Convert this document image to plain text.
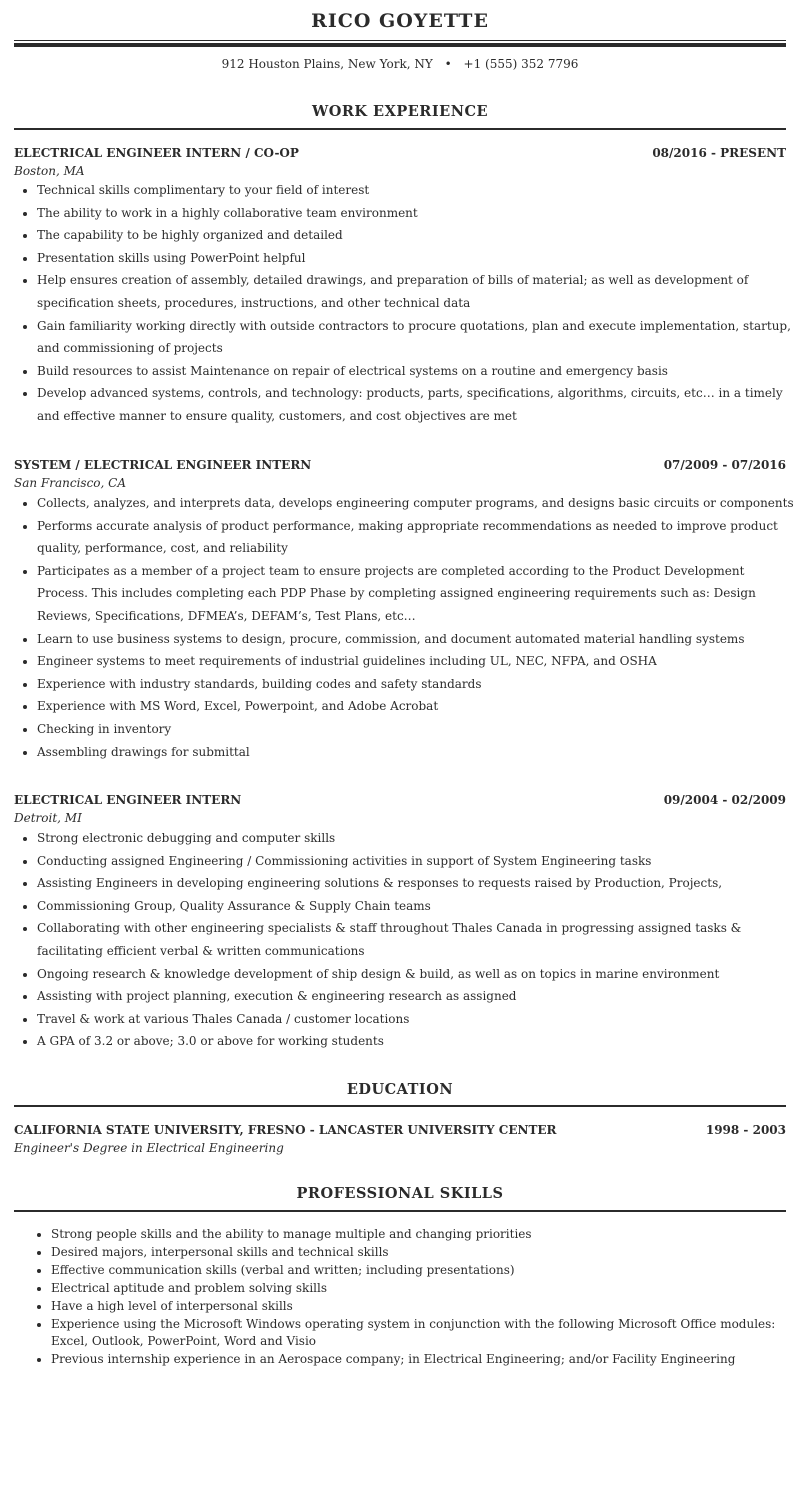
RICO GOYETTE
912 Houston Plains, New York, NY • +1 (555) 352 7796
WORK EXPERIENCE
ELECTRICAL ENGINEER INTERN / CO-OP	08/2016 - PRESENT
Boston, MA
• Technical skills complimentary to your field of interest
• The ability to work in a highly collaborative team environment
• The capability to be highly organized and detailed
• Presentation skills using PowerPoint helpful
• Help ensures creation of assembly, detailed drawings, and preparation of bills of material; as well as development of specification sheets, procedures, instructions, and other technical data
• Gain familiarity working directly with outside contractors to procure quotations, plan and execute implementation, startup, and commissioning of projects
• Build resources to assist Maintenance on repair of electrical systems on a routine and emergency basis
• Develop advanced systems, controls, and technology: products, parts, specifications, algorithms, circuits, etc… in a timely and effective manner to ensure quality, customers, and cost objectives are met
SYSTEM / ELECTRICAL ENGINEER INTERN	07/2009 - 07/2016
San Francisco, CA
• Collects, analyzes, and interprets data, develops engineering computer programs, and designs basic circuits or components
• Performs accurate analysis of product performance, making appropriate recommendations as needed to improve product quality, performance, cost, and reliability
• Participates as a member of a project team to ensure projects are completed according to the Product Development Process. This includes completing each PDP Phase by completing assigned engineering requirements such as: Design Reviews, Specifications, DFMEA’s, DEFAM’s, Test Plans, etc…
• Learn to use business systems to design, procure, commission, and document automated material handling systems
• Engineer systems to meet requirements of industrial guidelines including UL, NEC, NFPA, and OSHA
• Experience with industry standards, building codes and safety standards
• Experience with MS Word, Excel, Powerpoint, and Adobe Acrobat
• Checking in inventory
• Assembling drawings for submittal
ELECTRICAL ENGINEER INTERN	09/2004 - 02/2009
Detroit, MI
• Strong electronic debugging and computer skills
• Conducting assigned Engineering / Commissioning activities in support of System Engineering tasks
• Assisting Engineers in developing engineering solutions & responses to requests raised by Production, Projects,
• Commissioning Group, Quality Assurance & Supply Chain teams
• Collaborating with other engineering specialists & staff throughout Thales Canada in progressing assigned tasks & facilitating efficient verbal & written communications
• Ongoing research & knowledge development of ship design & build, as well as on topics in marine environment
• Assisting with project planning, execution & engineering research as assigned
• Travel & work at various Thales Canada / customer locations
• A GPA of 3.2 or above; 3.0 or above for working students
EDUCATION
CALIFORNIA STATE UNIVERSITY, FRESNO - LANCASTER UNIVERSITY CENTER	1998 - 2003
Engineer's Degree in Electrical Engineering
PROFESSIONAL SKILLS
• Strong people skills and the ability to manage multiple and changing priorities
• Desired majors, interpersonal skills and technical skills
• Effective communication skills (verbal and written; including presentations)
• Electrical aptitude and problem solving skills
• Have a high level of interpersonal skills
• Experience using the Microsoft Windows operating system in conjunction with the following Microsoft Office modules: Excel, Outlook, PowerPoint, Word and Visio
• Previous internship experience in an Aerospace company; in Electrical Engineering; and/or Facility Engineering
